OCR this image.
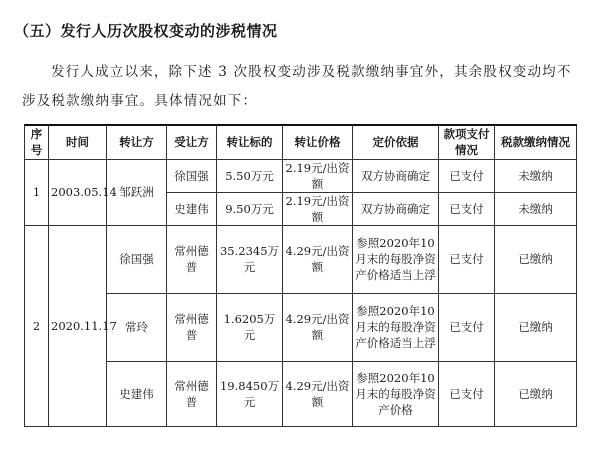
（五）发行人历次股权变动的涉税情况
发行人成立以来，除下述 3 次股权变动涉及税款缴纳事宜外，其余股权变动均不涉及税款缴纳事宜。具体情况如下：
序号	时间	转让方	受让方	转让标的	转让价格	定价依据	款项支付情况	税款缴纳情况
1	2003.05.14	邹跃洲	徐国强	5.50万元	2.19元/出资额	双方协商确定	已支付	未缴纳
			史建伟	9.50万元	2.19元/出资额	双方协商确定	已支付	未缴纳
2	2020.11.17	徐国强	常州德普	35.2345万元	4.29元/出资额	参照2020年10月末的每股净资产价格适当上浮	已支付	已缴纳
		常玲	常州德普	1.6205万元	4.29元/出资额	参照2020年10月末的每股净资产价格适当上浮	已支付	已缴纳
		史建伟	常州德普	19.8450万元	4.29元/出资额	参照2020年10月末的每股净资产价格	已支付	已缴纳
